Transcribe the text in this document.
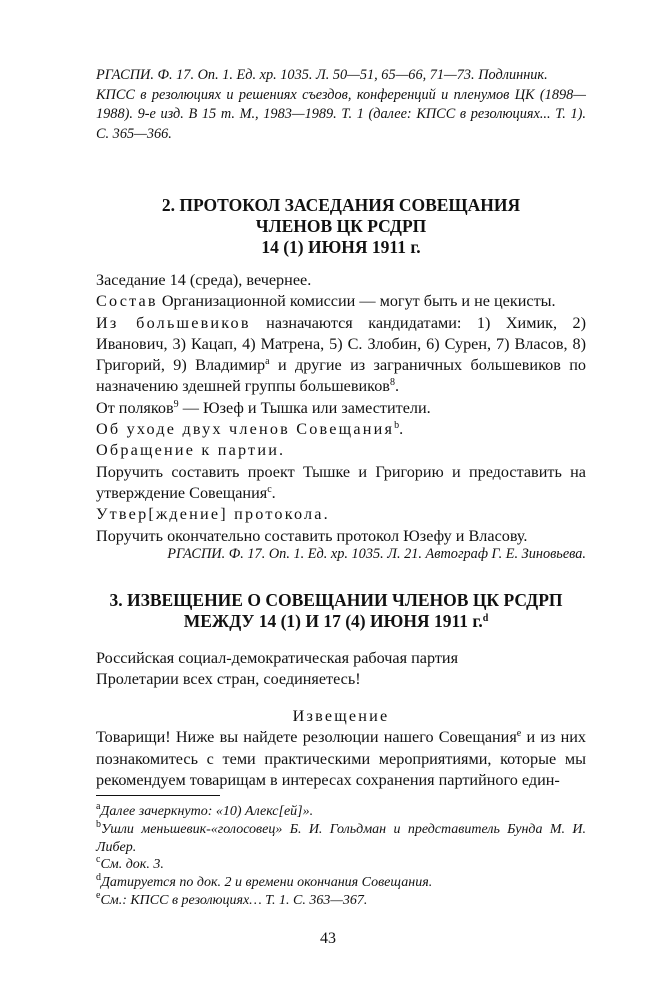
РГАСПИ. Ф. 17. Оп. 1. Ед. хр. 1035. Л. 50—51, 65—66, 71—73. Подлинник.

КПСС в резолюциях и решениях съездов, конференций и пленумов ЦК (1898—1988). 9-е изд. В 15 т. М., 1983—1989. Т. 1 (далее: КПСС в резолюциях... Т. 1). С. 365—366.

2. ПРОТОКОЛ ЗАСЕДАНИЯ СОВЕЩАНИЯ

ЧЛЕНОВ ЦК РСДРП

14 (1) ИЮНЯ 1911 г.

Заседание 14 (среда), вечернее.

Состав Организационной комиссии — могут быть и не цекисты.

Из большевиков назначаются кандидатами: 1) Химик, 2) Иванович, 3) Кацап, 4) Матрена, 5) С. Злобин, 6) Сурен, 7) Власов, 8) Григорий, 9) Владимир$^a$ и другие из заграничных большевиков по назначению здешней группы большевиков$^8$.

От поляков$^9$ — Юзеф и Тышка или заместители.

Об уходе двух членов Совещания$^b$.

Обращение к партии.

Поручить составить проект Тышке и Григорию и предоставить на утверждение Совещания$^c$.

Утвер[ждение] протокола.

Поручить окончательно составить протокол Юзефу и Власову.

РГАСПИ. Ф. 17. Оп. 1. Ед. хр. 1035. Л. 21. Автограф Г. Е. Зиновьева.

3. ИЗВЕЩЕНИЕ О СОВЕЩАНИИ ЧЛЕНОВ ЦК РСДРП

МЕЖДУ 14 (1) И 17 (4) ИЮНЯ 1911 г.$^d$

Российская социал-демократическая рабочая партия

Пролетарии всех стран, соединяетесь!

Извещение

Товарищи! Ниже вы найдете резолюции нашего Совещания$^e$ и из них познакомитесь с теми практическими мероприятиями, которые мы рекомендуем товарищам в интересах сохранения партийного един-

$^a$Далее зачеркнуто: «10) Алекс[ей]».

$^b$Ушли меньшевик-«голосовец» Б. И. Гольдман и представитель Бунда М. И. Либер.

$^c$См. док. 3.

$^d$Датируется по док. 2 и времени окончания Совещания.

$^e$См.: КПСС в резолюциях… Т. 1. С. 363—367.

43
